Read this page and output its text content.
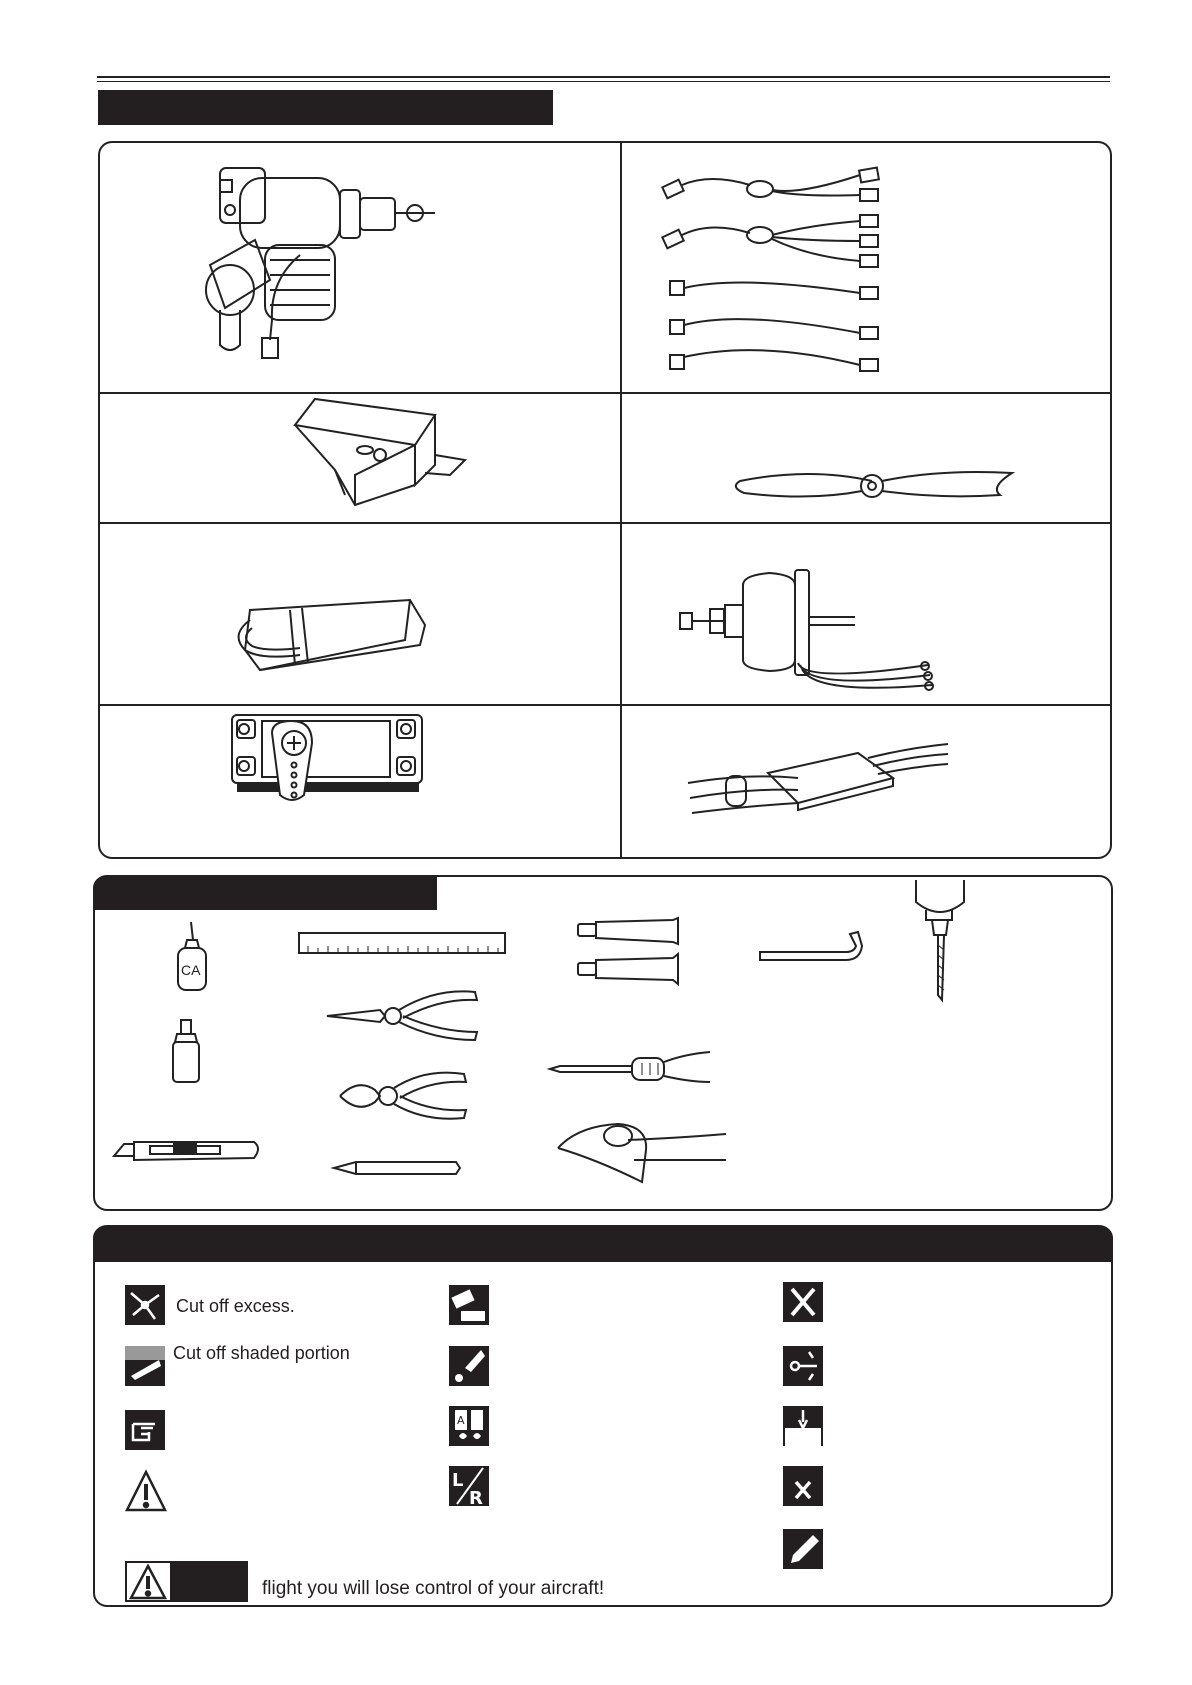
CA
Cut off excess.
Cut off shaded portion
A
L
R
flight you will lose control of your aircraft!
